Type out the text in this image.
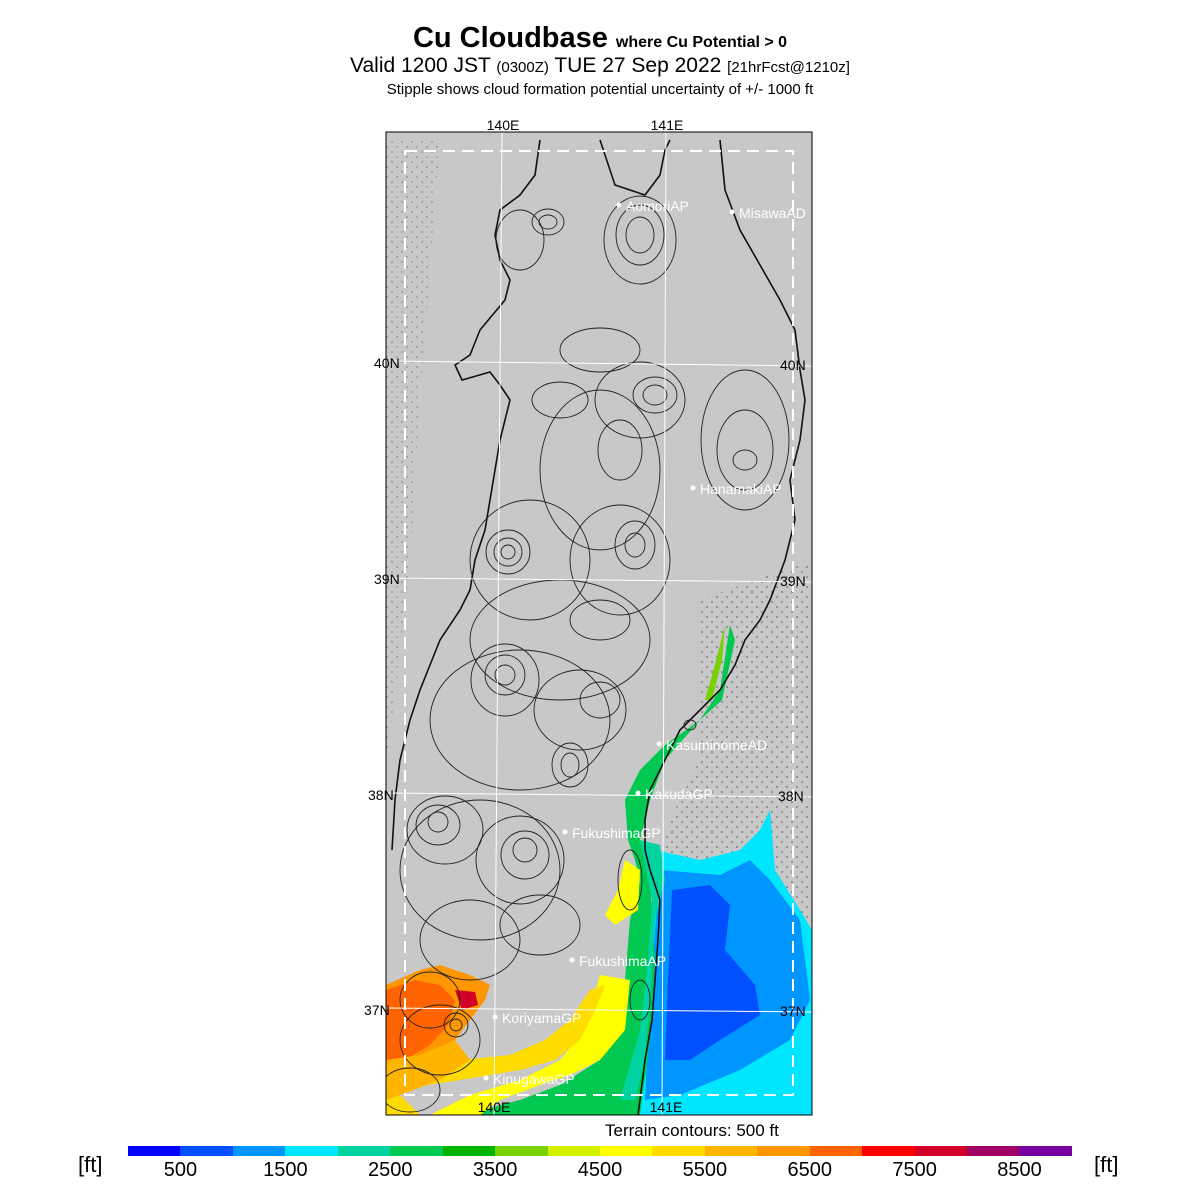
Cu Cloudbase where Cu Potential > 0
Valid 1200 JST (0300Z) TUE 27 Sep 2022 [21hrFcst@1210z]
Stipple shows cloud formation potential uncertainty of +/- 1000 ft
140E	141E
140E	141E
40N
39N
38N
37N
40N
39N
38N
37N
AomoriAP	MisawaAD
HanamakiAP
KasuminomeAD
KakudaGP
FukushimaGP
FukushimaAP
KoriyamaGP
KinugawaGP
Terrain contours: 500 ft
[ft]	[ft]
500	1500	2500	3500	4500	5500	6500	7500	8500
